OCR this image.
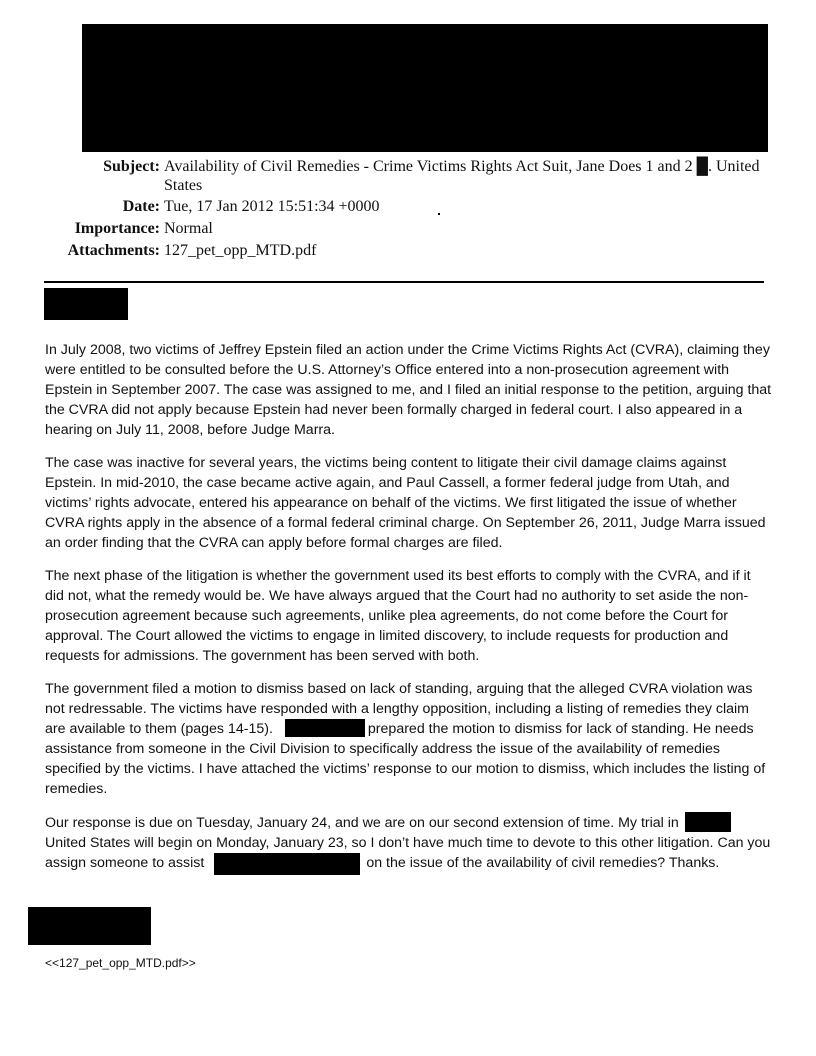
Subject: Availability of Civil Remedies - Crime Victims Rights Act Suit, Jane Does 1 and 2 █. United States
Date: Tue, 17 Jan 2012 15:51:34 +0000
Importance: Normal
Attachments: 127_pet_opp_MTD.pdf

In July 2008, two victims of Jeffrey Epstein filed an action under the Crime Victims Rights Act (CVRA), claiming they were entitled to be consulted before the U.S. Attorney’s Office entered into a non-prosecution agreement with Epstein in September 2007. The case was assigned to me, and I filed an initial response to the petition, arguing that the CVRA did not apply because Epstein had never been formally charged in federal court. I also appeared in a hearing on July 11, 2008, before Judge Marra.

The case was inactive for several years, the victims being content to litigate their civil damage claims against Epstein. In mid-2010, the case became active again, and Paul Cassell, a former federal judge from Utah, and victims’ rights advocate, entered his appearance on behalf of the victims. We first litigated the issue of whether CVRA rights apply in the absence of a formal federal criminal charge. On September 26, 2011, Judge Marra issued an order finding that the CVRA can apply before formal charges are filed.

The next phase of the litigation is whether the government used its best efforts to comply with the CVRA, and if it did not, what the remedy would be. We have always argued that the Court had no authority to set aside the non-prosecution agreement because such agreements, unlike plea agreements, do not come before the Court for approval. The Court allowed the victims to engage in limited discovery, to include requests for production and requests for admissions. The government has been served with both.

The government filed a motion to dismiss based on lack of standing, arguing that the alleged CVRA violation was not redressable. The victims have responded with a lengthy opposition, including a listing of remedies they claim are available to them (pages 14-15).	prepared the motion to dismiss for lack of standing. He needs assistance from someone in the Civil Division to specifically address the issue of the availability of remedies specified by the victims. I have attached the victims’ response to our motion to dismiss, which includes the listing of remedies.

Our response is due on Tuesday, January 24, and we are on our second extension of time. My trial in United States will begin on Monday, January 23, so I don’t have much time to devote to this other litigation. Can you assign someone to assist	on the issue of the availability of civil remedies? Thanks.

<<127_pet_opp_MTD.pdf>>
